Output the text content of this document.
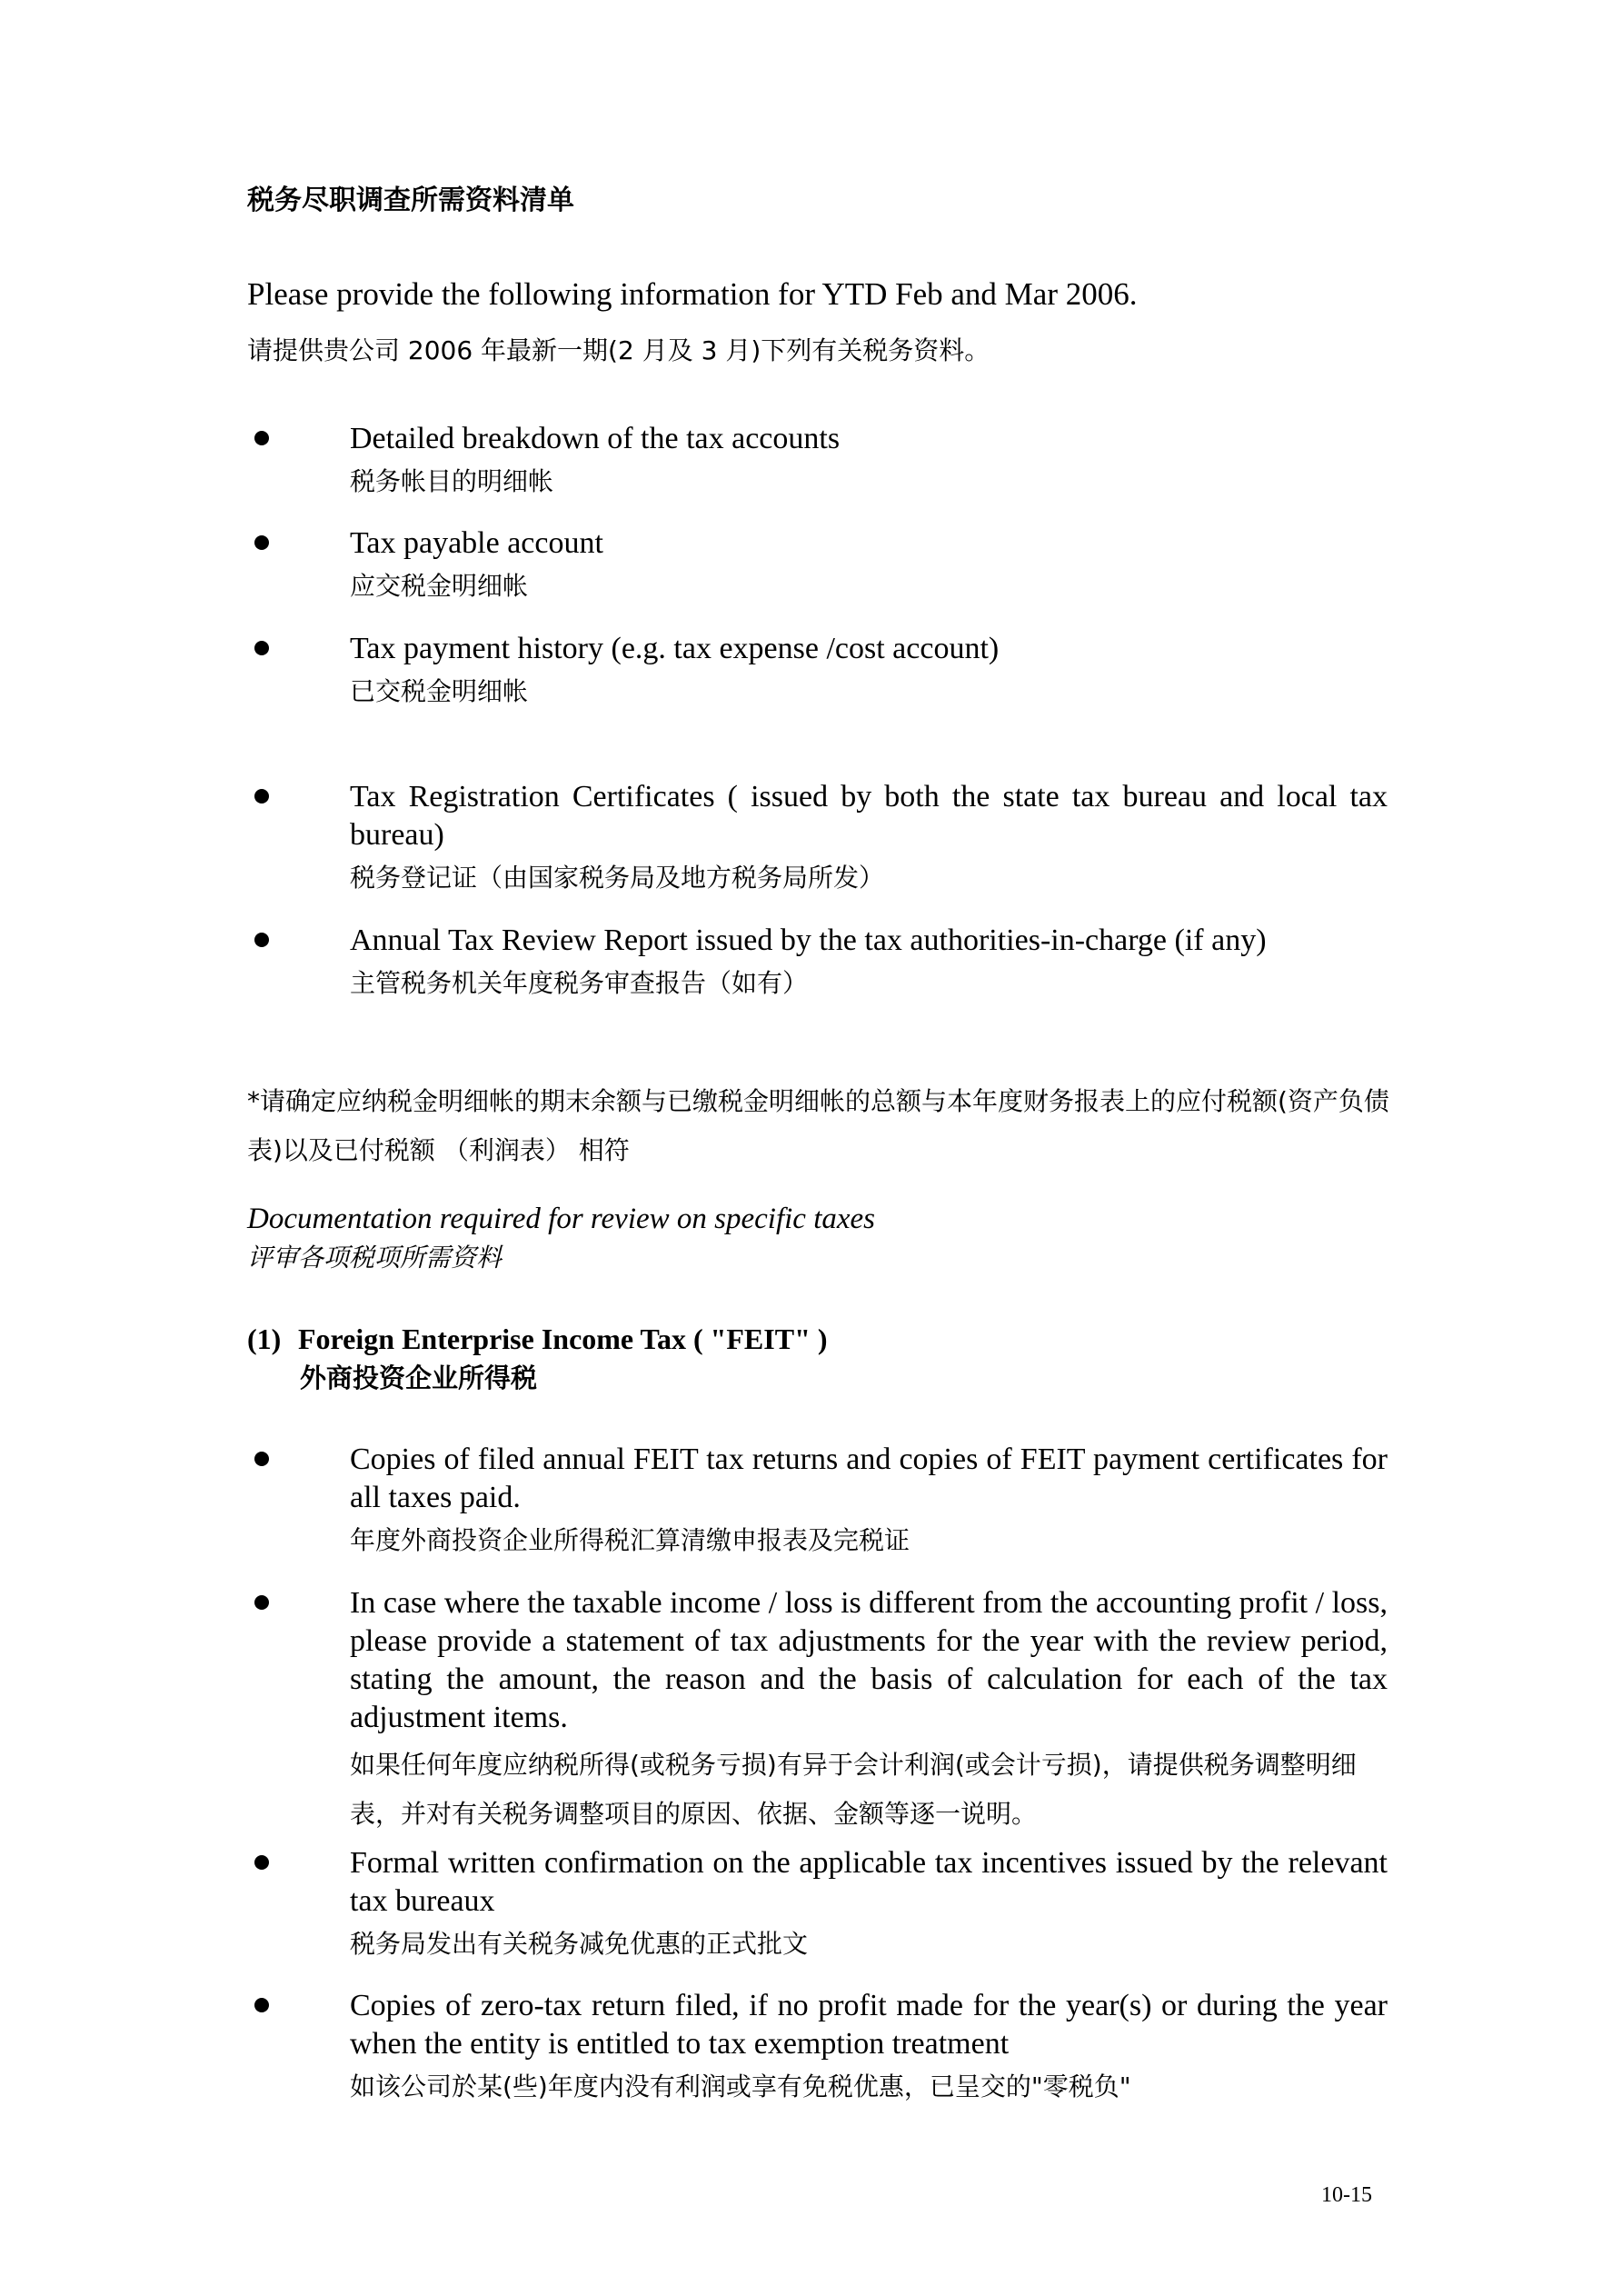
税务尽职调查所需资料清单
Please provide the following information for YTD Feb and Mar 2006.
请提供贵公司 2006 年最新一期(2 月及 3 月)下列有关税务资料。
Detailed breakdown of the tax accounts
税务帐目的明细帐
Tax payable account
应交税金明细帐
Tax payment history (e.g. tax expense /cost account)
已交税金明细帐
Tax Registration Certificates ( issued by both the state tax bureau and local tax bureau)
税务登记证（由国家税务局及地方税务局所发）
Annual Tax Review Report issued by the tax authorities-in-charge (if any)
主管税务机关年度税务审查报告（如有）
*请确定应纳税金明细帐的期末余额与已缴税金明细帐的总额与本年度财务报表上的应付税额(资产负债表)以及已付税额 （利润表） 相符
Documentation required for review on specific taxes
评审各项税项所需资料
(1) Foreign Enterprise Income Tax ( "FEIT" )
外商投资企业所得税
Copies of filed annual FEIT tax returns and copies of FEIT payment certificates for all taxes paid.
年度外商投资企业所得税汇算清缴申报表及完税证
In case where the taxable income / loss is different from the accounting profit / loss, please provide a statement of tax adjustments for the year with the review period, stating the amount, the reason and the basis of calculation for each of the tax adjustment items.
如果任何年度应纳税所得(或税务亏损)有异于会计利润(或会计亏损)，请提供税务调整明细表，并对有关税务调整项目的原因、依据、金额等逐一说明。
Formal written confirmation on the applicable tax incentives issued by the relevant tax bureaux
税务局发出有关税务减免优惠的正式批文
Copies of zero-tax return filed, if no profit made for the year(s) or during the year when the entity is entitled to tax exemption treatment
如该公司於某(些)年度内没有利润或享有免税优惠，已呈交的"零税负"
10-15
